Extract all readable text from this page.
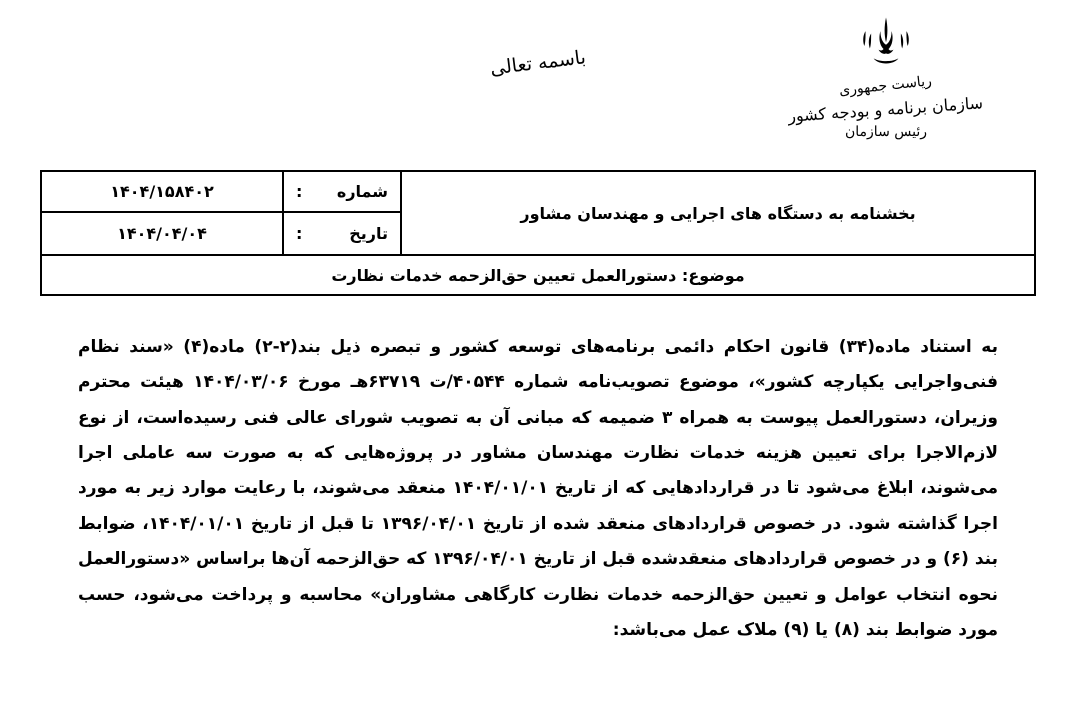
ریاست جمهوری
سازمان برنامه و بودجه کشور
رئیس سازمان
باسمه تعالی
بخشنامه به دستگاه های اجرایی و مهندسان مشاور
شماره
:
۱۴۰۴/۱۵۸۴۰۲
تاریخ
:
۱۴۰۴/۰۴/۰۴
موضوع: دستورالعمل تعیین حق‌الزحمه خدمات نظارت
به استناد ماده(۳۴) قانون احکام دائمی برنامه‌های توسعه کشور و تبصره ذیل بند(۲-۲) ماده(۴) «سند نظام فنی‌واجرایی یکپارچه کشور»، موضوع تصویب‌نامه شماره ۴۰۵۴۴/ت ۶۳۷۱۹هـ مورخ ۱۴۰۴/۰۳/۰۶ هیئت محترم وزیران، دستورالعمل پیوست به همراه ۳ ضمیمه که مبانی آن به تصویب شورای عالی فنی رسیده‌است، از نوع لازم‌الاجرا برای تعیین هزینه خدمات نظارت مهندسان مشاور در پروژه‌هایی که به صورت سه عاملی اجرا می‌شوند، ابلاغ می‌شود تا در قراردادهایی که از تاریخ ۱۴۰۴/۰۱/۰۱ منعقد می‌شوند، با رعایت موارد زیر به مورد اجرا گذاشته شود. در خصوص قراردادهای منعقد شده از تاریخ ۱۳۹۶/۰۴/۰۱ تا قبل از تاریخ ۱۴۰۴/۰۱/۰۱، ضوابط بند (۶) و در خصوص قراردادهای منعقدشده قبل از تاریخ ۱۳۹۶/۰۴/۰۱ که حق‌الزحمه آن‌ها براساس «دستورالعمل نحوه انتخاب عوامل و تعیین حق‌الزحمه خدمات نظارت کارگاهی مشاوران» محاسبه و پرداخت می‌شود، حسب مورد ضوابط بند (۸) یا (۹) ملاک عمل می‌باشد:
